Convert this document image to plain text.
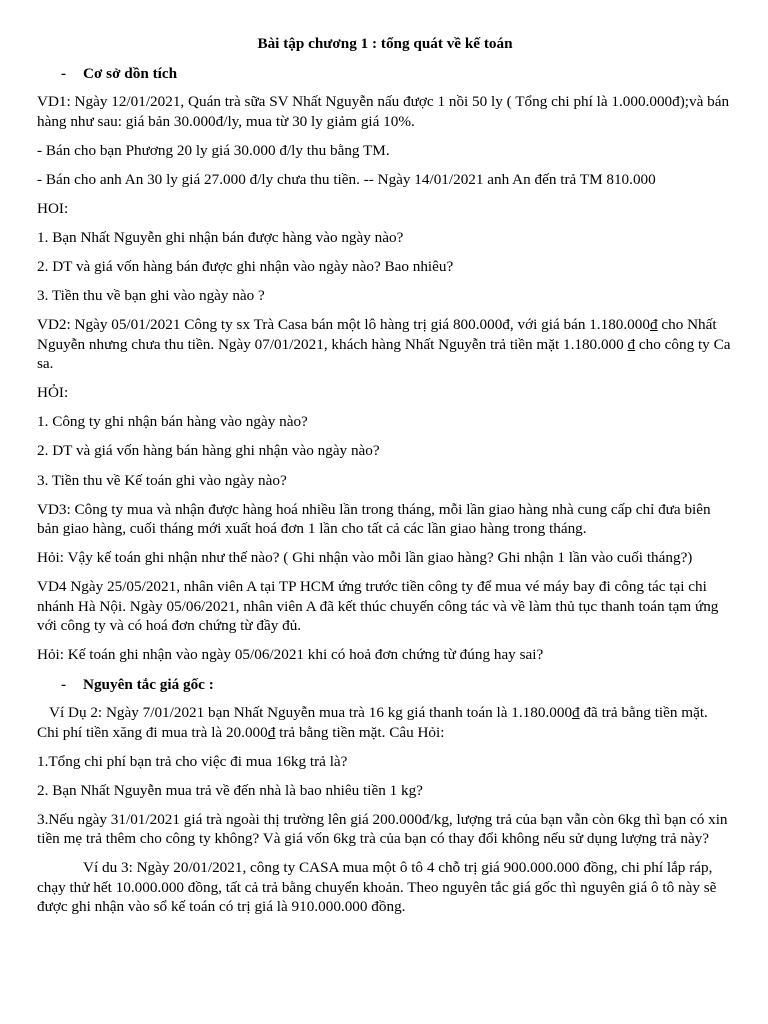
Bài tập chương 1 : tổng quát về kế toán
- Cơ sở dồn tích

VD1: Ngày 12/01/2021, Quán trà sữa SV Nhất Nguyễn nấu được 1 nồi 50 ly ( Tổng chi phí là 1.000.000đ);và bán hàng như sau: giá bản 30.000đ/ly, mua từ 30 ly giảm giá 10%.

- Bán cho bạn Phương 20 ly giá 30.000 đ/ly thu bằng TM.

- Bán cho anh An 30 ly giá 27.000 đ/ly chưa thu tiền. -- Ngày 14/01/2021 anh An đến trả TM 810.000

HOI:

1. Bạn Nhất Nguyễn ghi nhận bán được hàng vào ngày nào?

2. DT và giá vốn hàng bán được ghi nhận vào ngày nào? Bao nhiêu?

3. Tiền thu về bạn ghi vào ngày nào ?

VD2: Ngày 05/01/2021 Công ty sx Trà Casa bán một lô hàng trị giá 800.000đ, với giá bán 1.180.000đ cho Nhất Nguyễn nhưng chưa thu tiền. Ngày 07/01/2021, khách hàng Nhất Nguyễn trả tiền mặt 1.180.000 đ cho công ty Ca sa.

HỎI:

1. Công ty ghi nhận bán hàng vào ngày nào?

2. DT và giá vốn hàng bán hàng ghi nhận vào ngày nào?

3. Tiền thu về Kế toán ghi vào ngày nào?

VD3: Công ty mua và nhận được hàng hoá nhiều lần trong tháng, mỗi lần giao hàng nhà cung cấp chỉ đưa biên bản giao hàng, cuối tháng mới xuất hoá đơn 1 lần cho tất cả các lần giao hàng trong tháng.

Hỏi: Vậy kế toán ghi nhận như thế nào? ( Ghi nhận vào mỗi lần giao hàng? Ghi nhận 1 lần vào cuối tháng?)

VD4 Ngày 25/05/2021, nhân viên A tại TP HCM ứng trước tiền công ty để mua vé máy bay đi công tác tại chi nhánh Hà Nội. Ngày 05/06/2021, nhân viên A đã kết thúc chuyến công tác và về làm thủ tục thanh toán tạm ứng với công ty và có hoá đơn chứng từ đầy đủ.

Hỏi: Kế toán ghi nhận vào ngày 05/06/2021 khi có hoả đơn chứng từ đúng hay sai?

- Nguyên tắc giá gốc :

Ví Dụ 2: Ngày 7/01/2021 bạn Nhất Nguyễn mua trà 16 kg giá thanh toán là 1.180.000đ đã trả bằng tiền mặt. Chi phí tiền xăng đi mua trà là 20.000đ trả bằng tiền mặt. Câu Hỏi:

1.Tổng chi phí bạn trả cho việc đi mua 16kg trả là?

2. Bạn Nhất Nguyễn mua trả về đến nhà là bao nhiêu tiền 1 kg?

3.Nếu ngày 31/01/2021 giá trà ngoài thị trường lên giá 200.000đ/kg, lượng trả của bạn vẫn còn 6kg thì bạn có xin tiền mẹ trả thêm cho công ty không? Và giá vốn 6kg trà của bạn có thay đổi không nếu sử dụng lượng trả này?

Ví du 3: Ngày 20/01/2021, công ty CASA mua một ô tô 4 chỗ trị giá 900.000.000 đồng, chi phí lắp ráp, chạy thử hết 10.000.000 đồng, tất cả trả bằng chuyển khoản. Theo nguyên tắc giá gốc thì nguyên giá ô tô này sẽ được ghi nhận vào sổ kế toán có trị giá là 910.000.000 đồng.
